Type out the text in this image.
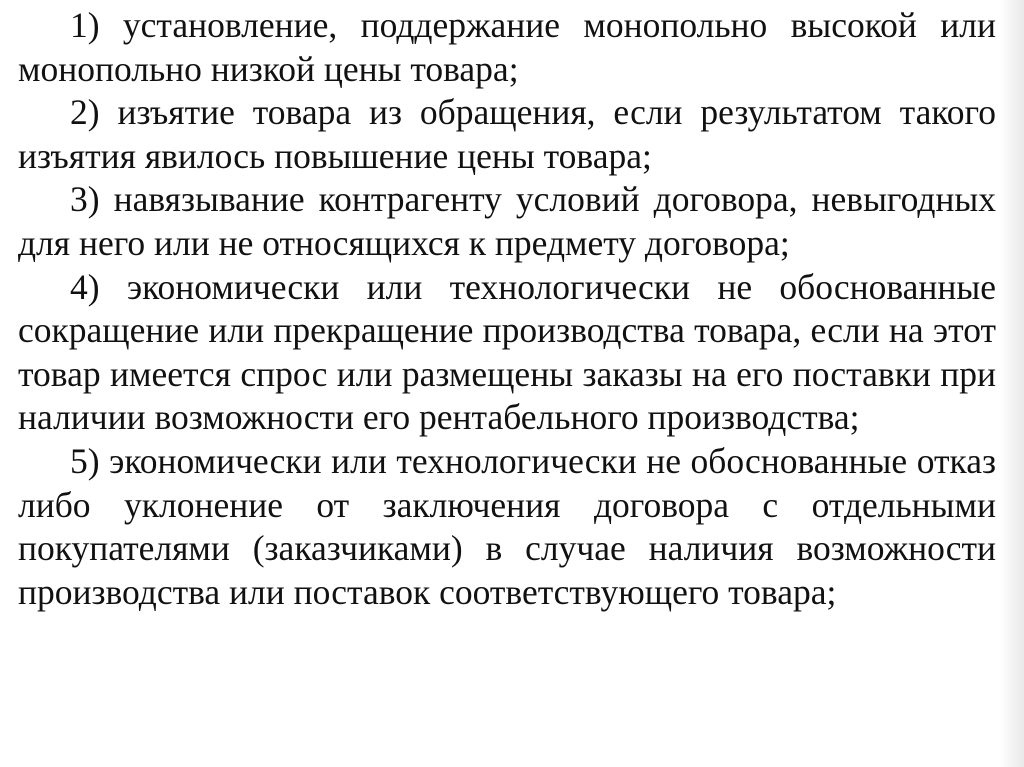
1) установление, поддержание монопольно высокой или монопольно низкой цены товара;

2) изъятие товара из обращения, если результатом такого изъятия явилось повышение цены товара;

3) навязывание контрагенту условий договора, невыгодных для него или не относящихся к предмету договора;

4) экономически или технологически не обоснованные сокращение или прекращение производства товара, если на этот товар имеется спрос или размещены заказы на его поставки при наличии возможности его рентабельного производства;

5) экономически или технологически не обоснованные отказ либо уклонение от заключения договора с отдельными покупателями (заказчиками) в случае наличия возможности производства или поставок соответствующего товара;
